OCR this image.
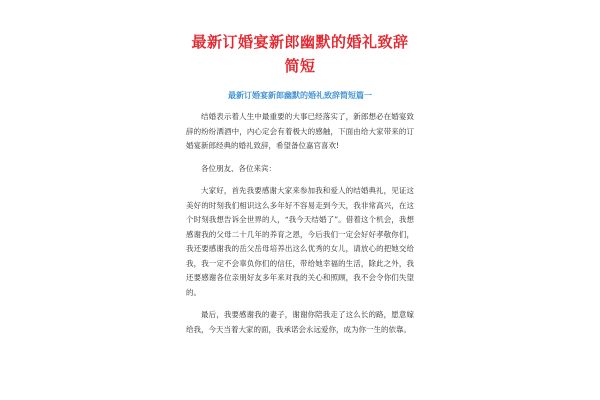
最新订婚宴新郎幽默的婚礼致辞简短
最新订婚宴新郎幽默的婚礼致辞简短篇一

结婚表示着人生中最重要的大事已经落实了，新郎想必在婚宴致辞的纷纷洒酒中，内心定会有着极大的感触，下面由给大家带来的订婚宴新郎经典的婚礼致辞，希望备位嘉官喜欢!

各位朋友、各位来宾：

大家好，首先我要感谢大家来参加我和爱人的结婚典礼，见证这美好的时刻我们相识这么多年好不容易走到今天，我非常高兴，在这个时刻我想告诉全世界的人，“我今天结婚了”。借着这个机会，我想感谢我的父母二十几年的养育之恩，今后我们一定会好好孝敬你们，我还要感谢我的岳父岳母培养出这么优秀的女儿，请放心的把她交给我，我一定不会辜负你们的信任，带给她幸福的生活，除此之外，我还要感谢各位亲朋好友多年来对我的关心和照顾，我不会令你们失望的。

最后，我要感谢我的妻子，谢谢你陪我走了这么长的路，愿意嫁给我，今天当着大家的面，我承诺会永远爱你，成为你一生的依靠。
